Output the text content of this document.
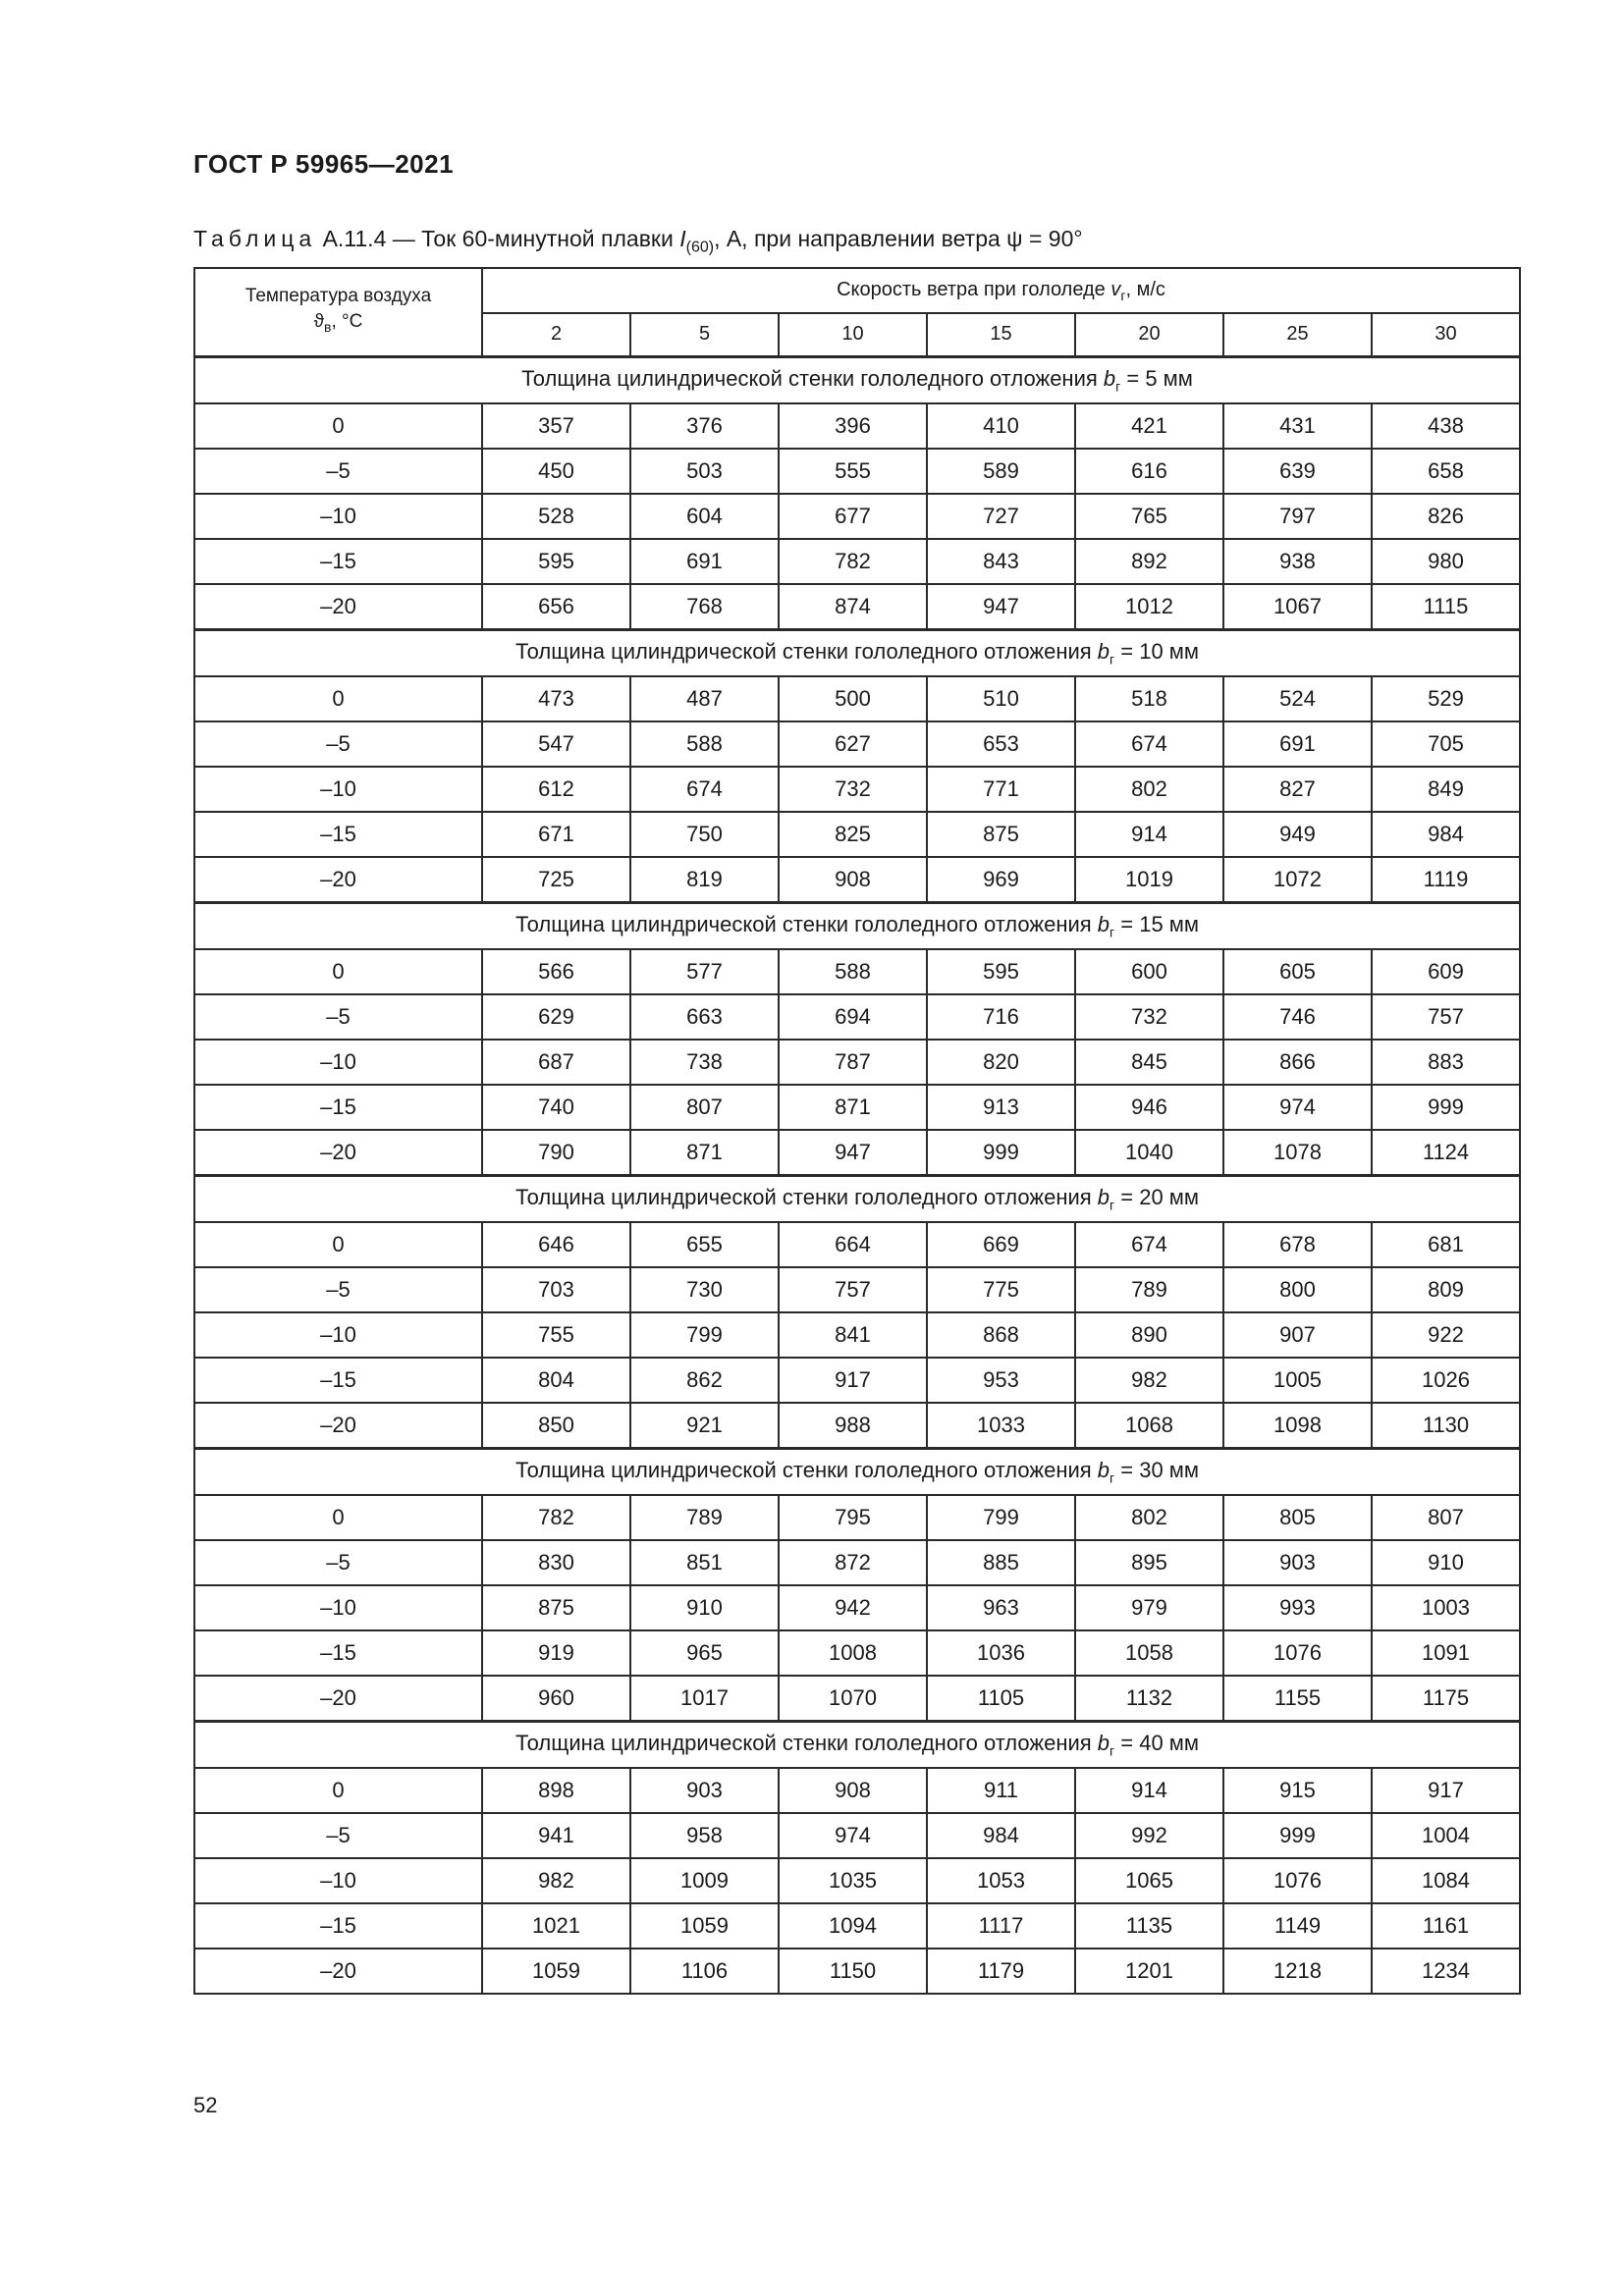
ГОСТ Р 59965—2021
Таблица А.11.4 — Ток 60-минутной плавки $I_{(60)}$, А, при направлении ветра ψ = 90°
Температура воздуха
$ϑ_в$, °C	Скорость ветра при гололеде $v_г$, м/с						
	2	5	10	15	20	25	30
Толщина цилиндрической стенки гололедного отложения $b_г = 5$ мм							
0	357	376	396	410	421	431	438
–5	450	503	555	589	616	639	658
–10	528	604	677	727	765	797	826
–15	595	691	782	843	892	938	980
–20	656	768	874	947	1012	1067	1115
Толщина цилиндрической стенки гололедного отложения $b_г = 10$ мм							
0	473	487	500	510	518	524	529
–5	547	588	627	653	674	691	705
–10	612	674	732	771	802	827	849
–15	671	750	825	875	914	949	984
–20	725	819	908	969	1019	1072	1119
Толщина цилиндрической стенки гололедного отложения $b_г = 15$ мм							
0	566	577	588	595	600	605	609
–5	629	663	694	716	732	746	757
–10	687	738	787	820	845	866	883
–15	740	807	871	913	946	974	999
–20	790	871	947	999	1040	1078	1124
Толщина цилиндрической стенки гололедного отложения $b_г = 20$ мм							
0	646	655	664	669	674	678	681
–5	703	730	757	775	789	800	809
–10	755	799	841	868	890	907	922
–15	804	862	917	953	982	1005	1026
–20	850	921	988	1033	1068	1098	1130
Толщина цилиндрической стенки гололедного отложения $b_г = 30$ мм							
0	782	789	795	799	802	805	807
–5	830	851	872	885	895	903	910
–10	875	910	942	963	979	993	1003
–15	919	965	1008	1036	1058	1076	1091
–20	960	1017	1070	1105	1132	1155	1175
Толщина цилиндрической стенки гололедного отложения $b_г = 40$ мм							
0	898	903	908	911	914	915	917
–5	941	958	974	984	992	999	1004
–10	982	1009	1035	1053	1065	1076	1084
–15	1021	1059	1094	1117	1135	1149	1161
–20	1059	1106	1150	1179	1201	1218	1234
52
